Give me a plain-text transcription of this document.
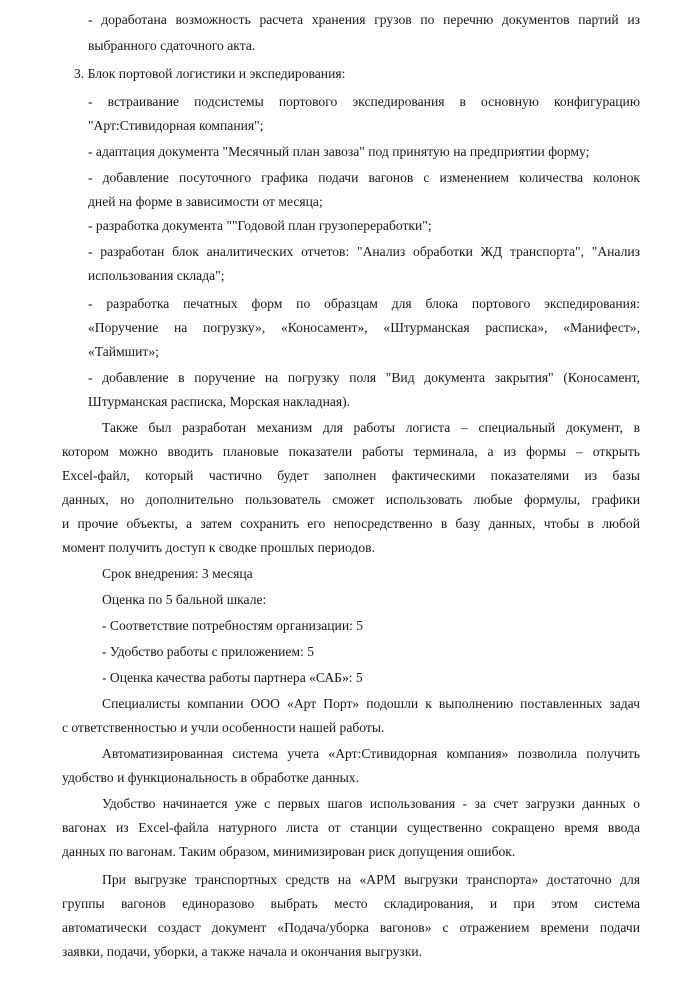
- доработана возможность расчета хранения грузов по перечню документов партий из

выбранного сдаточного акта.

3. Блок портовой логистики и экспедирования:

- встраивание подсистемы портового экспедирования в основную конфигурацию

"Арт:Стивидорная компания";

- адаптация документа "Месячный план завоза" под принятую на предприятии форму;

- добавление посуточного графика подачи вагонов с изменением количества колонок

дней на форме в зависимости от месяца;

- разработка документа ""Годовой план грузопереработки";

- разработан блок аналитических отчетов: "Анализ обработки ЖД транспорта", "Анализ

использования склада";

- разработка печатных форм по образцам для блока портового экспедирования:

«Поручение на погрузку», «Коносамент», «Штурманская расписка», «Манифест»,

«Таймшит»;

- добавление в поручение на погрузку поля "Вид документа закрытия" (Коносамент,

Штурманская расписка, Морская накладная).

Также был разработан механизм для работы логиста – специальный документ, в

котором можно вводить плановые показатели работы терминала, а из формы – открыть

Excel-файл, который частично будет заполнен фактическими показателями из базы

данных, но дополнительно пользователь сможет использовать любые формулы, графики

и прочие объекты, а затем сохранить его непосредственно в базу данных, чтобы в любой

момент получить доступ к сводке прошлых периодов.

Срок внедрения: 3 месяца

Оценка по 5 бальной шкале:

- Соответствие потребностям организации: 5

- Удобство работы с приложением: 5

- Оценка качества работы партнера «САБ»: 5

Специалисты компании ООО «Арт Порт» подошли к выполнению поставленных задач

с ответственностью и учли особенности нашей работы.

Автоматизированная система учета «Арт:Стивидорная компания» позволила получить

удобство и функциональность в обработке данных.

Удобство начинается уже с первых шагов использования - за счет загрузки данных о

вагонах из Excel-файла натурного листа от станции существенно сокращено время ввода

данных по вагонам. Таким образом, минимизирован риск допущения ошибок.

При выгрузке транспортных средств на «АРМ выгрузки транспорта» достаточно для

группы вагонов единоразово выбрать место складирования, и при этом система

автоматически создаст документ «Подача/уборка вагонов» с отражением времени подачи

заявки, подачи, уборки, а также начала и окончания выгрузки.
